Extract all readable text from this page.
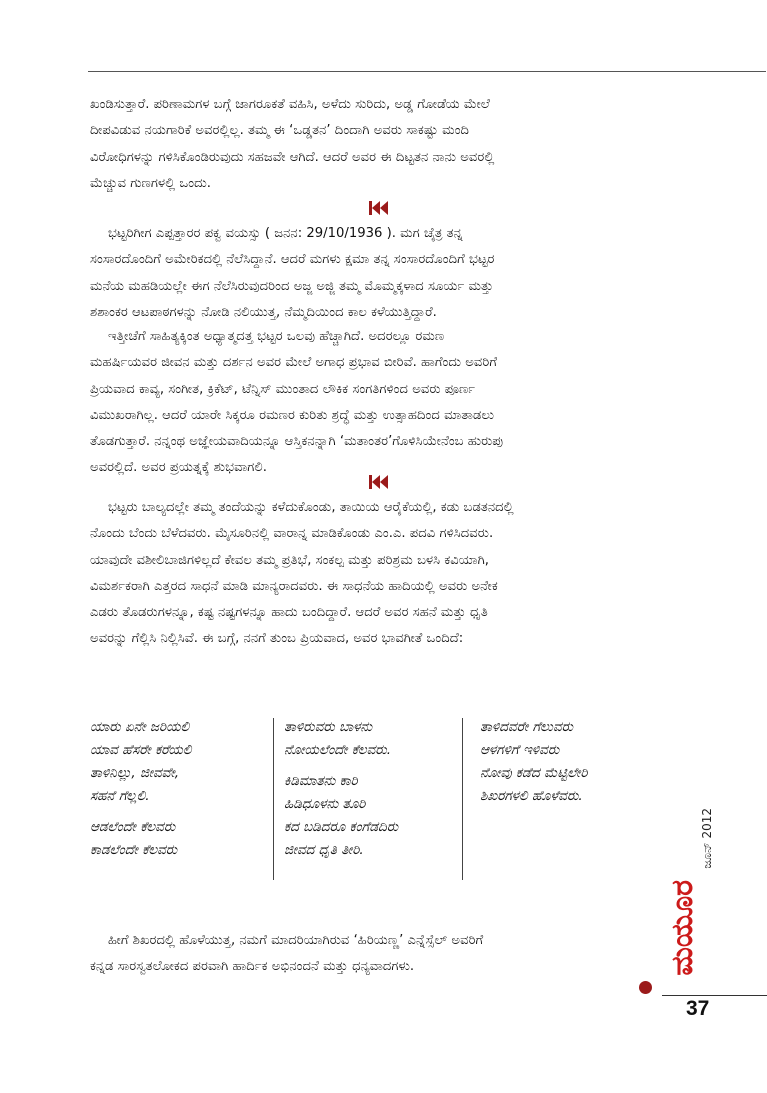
ಖಂಡಿಸುತ್ತಾರೆ. ಪರಿಣಾಮಗಳ ಬಗ್ಗೆ ಜಾಗರೂಕತೆ ವಹಿಸಿ, ಅಳೆದು ಸುರಿದು, ಅಡ್ಡ ಗೋಡೆಯ ಮೇಲೆ
ದೀಪವಿಡುವ ನಯಗಾರಿಕೆ ಅವರಲ್ಲಿಲ್ಲ. ತಮ್ಮ ಈ ‘ಒಡ್ಡತನ’ ದಿಂದಾಗಿ ಅವರು ಸಾಕಷ್ಟು ಮಂದಿ
ವಿರೋಧಿಗಳನ್ನು ಗಳಿಸಿಕೊಂಡಿರುವುದು ಸಹಜವೇ ಆಗಿದೆ. ಆದರೆ ಅವರ ಈ ದಿಟ್ಟತನ ನಾನು ಅವರಲ್ಲಿ
ಮೆಚ್ಚುವ ಗುಣಗಳಲ್ಲಿ ಒಂದು.

ಭಟ್ಟರಿಗೀಗ ಎಪ್ಪತ್ತಾರರ ಪಕ್ವ ವಯಸ್ಸು ( ಜನನ: 29/10/1936 ). ಮಗ ಚೈತ್ರ ತನ್ನ
ಸಂಸಾರದೊಂದಿಗೆ ಅಮೇರಿಕದಲ್ಲಿ ನೆಲೆಸಿದ್ದಾನೆ. ಆದರೆ ಮಗಳು ಕ್ಷಮಾ ತನ್ನ ಸಂಸಾರದೊಂದಿಗೆ ಭಟ್ಟರ
ಮನೆಯ ಮಹಡಿಯಲ್ಲೇ ಈಗ ನೆಲೆಸಿರುವುದರಿಂದ ಅಜ್ಜ ಅಜ್ಜಿ ತಮ್ಮ ಮೊಮ್ಮಕ್ಕಳಾದ ಸೂರ್ಯ ಮತ್ತು
ಶಶಾಂಕರ ಆಟಪಾಠಗಳನ್ನು ನೋಡಿ ನಲಿಯುತ್ತ, ನೆಮ್ಮದಿಯಿಂದ ಕಾಲ ಕಳೆಯುತ್ತಿದ್ದಾರೆ.

ಇತ್ತೀಚೆಗೆ ಸಾಹಿತ್ಯಕ್ಕಿಂತ ಅಧ್ಯಾತ್ಮದತ್ತ ಭಟ್ಟರ ಒಲವು ಹೆಚ್ಚಾಗಿದೆ. ಅದರಲ್ಲೂ ರಮಣ
ಮಹರ್ಷಿಯವರ ಜೀವನ ಮತ್ತು ದರ್ಶನ ಅವರ ಮೇಲೆ ಅಗಾಧ ಪ್ರಭಾವ ಬೀರಿವೆ. ಹಾಗೆಂದು ಅವರಿಗೆ
ಪ್ರಿಯವಾದ ಕಾವ್ಯ, ಸಂಗೀತ, ಕ್ರಿಕೆಟ್, ಟೆನ್ನಿಸ್ ಮುಂತಾದ ಲೌಕಿಕ ಸಂಗತಿಗಳಿಂದ ಅವರು ಪೂರ್ಣ
ವಿಮುಖರಾಗಿಲ್ಲ. ಆದರೆ ಯಾರೇ ಸಿಕ್ಕರೂ ರಮಣರ ಕುರಿತು ಶ್ರದ್ಧೆ ಮತ್ತು ಉತ್ಸಾಹದಿಂದ ಮಾತಾಡಲು
ತೊಡಗುತ್ತಾರೆ. ನನ್ನಂಥ ಅಜ್ಞೇಯವಾದಿಯನ್ನೂ ಆಸ್ತಿಕನನ್ನಾಗಿ ‘ಮತಾಂತರ’ಗೊಳಿಸಿಯೇನೆಂಬ ಹುರುಪು
ಅವರಲ್ಲಿದೆ. ಅವರ ಪ್ರಯತ್ನಕ್ಕೆ ಶುಭವಾಗಲಿ.

ಭಟ್ಟರು ಬಾಲ್ಯದಲ್ಲೇ ತಮ್ಮ ತಂದೆಯನ್ನು ಕಳೆದುಕೊಂಡು, ತಾಯಿಯ ಆರೈಕೆಯಲ್ಲಿ, ಕಡು ಬಡತನದಲ್ಲಿ
ನೊಂದು ಬೆಂದು ಬೆಳೆದವರು. ಮೈಸೂರಿನಲ್ಲಿ ವಾರಾನ್ನ ಮಾಡಿಕೊಂಡು ಎಂ.ಎ. ಪದವಿ ಗಳಿಸಿದವರು.
ಯಾವುದೇ ವಶೀಲಿಬಾಜಿಗಳಿಲ್ಲದೆ ಕೇವಲ ತಮ್ಮ ಪ್ರತಿಭೆ, ಸಂಕಲ್ಪ ಮತ್ತು ಪರಿಶ್ರಮ ಬಳಸಿ ಕವಿಯಾಗಿ,
ವಿಮರ್ಶಕರಾಗಿ ಎತ್ತರದ ಸಾಧನೆ ಮಾಡಿ ಮಾನ್ಯರಾದವರು. ಈ ಸಾಧನೆಯ ಹಾದಿಯಲ್ಲಿ ಅವರು ಅನೇಕ
ಎಡರು ತೊಡರುಗಳನ್ನೂ, ಕಷ್ಟ ನಷ್ಟಗಳನ್ನೂ ಹಾದು ಬಂದಿದ್ದಾರೆ. ಆದರೆ ಅವರ ಸಹನೆ ಮತ್ತು ಧೃತಿ
ಅವರನ್ನು ಗೆಲ್ಲಿಸಿ ನಿಲ್ಲಿಸಿವೆ. ಈ ಬಗ್ಗೆ, ನನಗೆ ತುಂಬ ಪ್ರಿಯವಾದ, ಅವರ ಭಾವಗೀತೆ ಒಂದಿದೆ:

ಯಾರು ಏನೇ ಜರಿಯಲಿ
ಯಾವ ಹೆಸರೇ ಕರೆಯಲಿ
ತಾಳಿನಿಲ್ಲು, ಜೀವವೇ,
ಸಹನೆ ಗೆಲ್ಲಲಿ.
ಆಡಲೆಂದೇ ಕೆಲವರು
ಕಾಡಲೆಂದೇ ಕೆಲವರು
ತಾಳಿರುವರು ಬಾಳನು
ನೋಯಲೆಂದೇ ಕೆಲವರು.
ಕಿಡಿಮಾತನು ಕಾರಿ
ಹಿಡಿಧೂಳನು ತೂರಿ
ಕದ ಬಡಿದರೂ ಕಂಗೆಡದಿರು
ಜೀವದ ಧೃತಿ ತೀರಿ.
ತಾಳಿದವರೇ ಗೆಲುವರು
ಆಳಗಳಿಗೆ ಇಳಿವರು
ನೋವು ಕಡೆದ ಮೆಟ್ಟಿಲೇರಿ
ಶಿಖರಗಳಲಿ ಹೊಳೆವರು.

ಹೀಗೆ ಶಿಖರದಲ್ಲಿ ಹೊಳೆಯುತ್ತ, ನಮಗೆ ಮಾದರಿಯಾಗಿರುವ ‘ಹಿರಿಯಣ್ಣ’ ಎನ್ನೆಸ್ಸೆಲ್ ಅವರಿಗೆ
ಕನ್ನಡ ಸಾರಸ್ವತಲೋಕದ ಪರವಾಗಿ ಹಾರ್ದಿಕ ಅಭಿನಂದನೆ ಮತ್ತು ಧನ್ಯವಾದಗಳು.

ಜೂನ್ 2012
ಮಯೂರ
37
